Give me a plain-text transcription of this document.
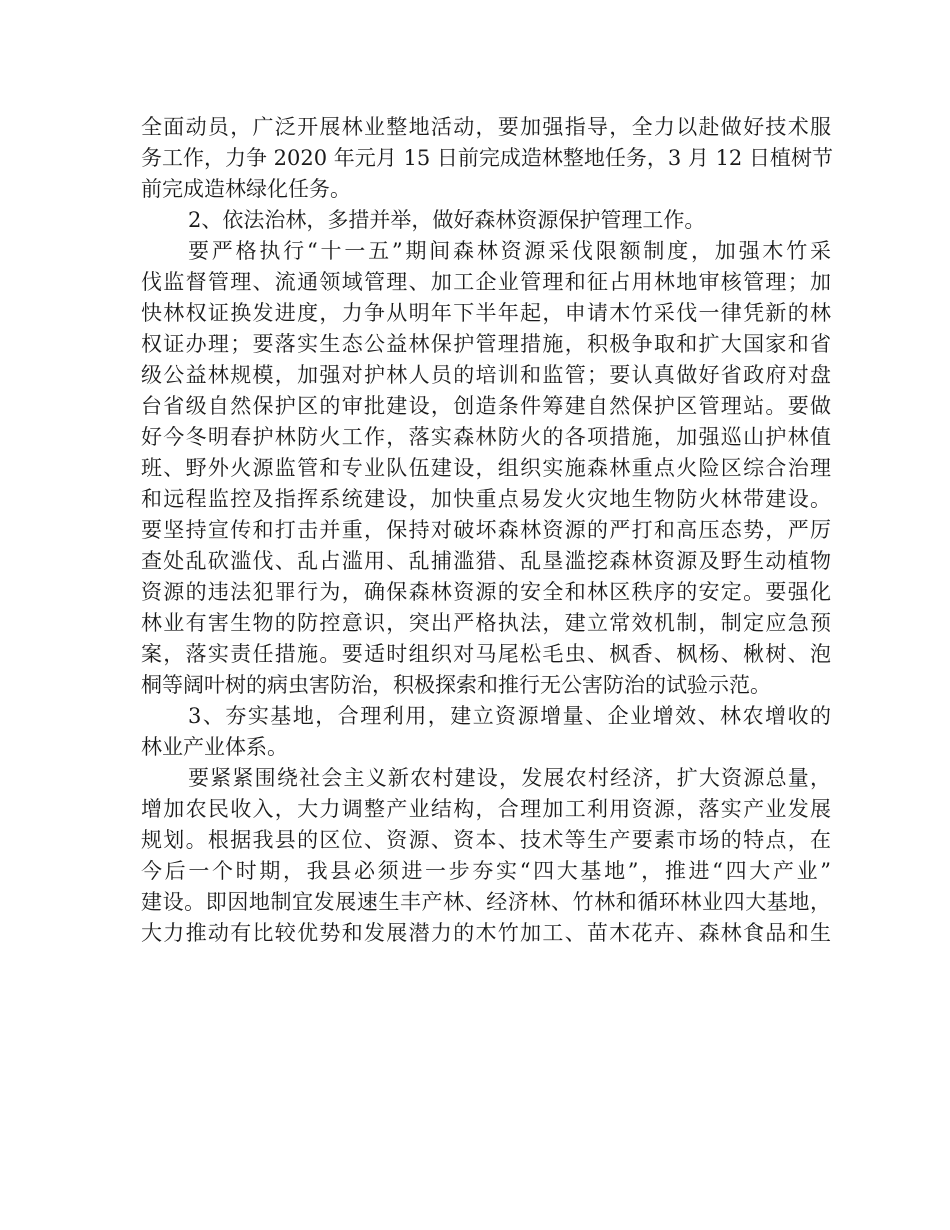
全面动员，广泛开展林业整地活动，要加强指导，全力以赴做好技术服
务工作，力争 2020 年元月 15 日前完成造林整地任务，3 月 12 日植树节
前完成造林绿化任务。
2、依法治林，多措并举，做好森林资源保护管理工作。
要严格执行“十一五”期间森林资源采伐限额制度，加强木竹采
伐监督管理、流通领域管理、加工企业管理和征占用林地审核管理；加
快林权证换发进度，力争从明年下半年起，申请木竹采伐一律凭新的林
权证办理；要落实生态公益林保护管理措施，积极争取和扩大国家和省
级公益林规模，加强对护林人员的培训和监管；要认真做好省政府对盘
台省级自然保护区的审批建设，创造条件筹建自然保护区管理站。要做
好今冬明春护林防火工作，落实森林防火的各项措施，加强巡山护林值
班、野外火源监管和专业队伍建设，组织实施森林重点火险区综合治理
和远程监控及指挥系统建设，加快重点易发火灾地生物防火林带建设。
要坚持宣传和打击并重，保持对破坏森林资源的严打和高压态势，严厉
查处乱砍滥伐、乱占滥用、乱捕滥猎、乱垦滥挖森林资源及野生动植物
资源的违法犯罪行为，确保森林资源的安全和林区秩序的安定。要强化
林业有害生物的防控意识，突出严格执法，建立常效机制，制定应急预
案，落实责任措施。要适时组织对马尾松毛虫、枫香、枫杨、楸树、泡
桐等阔叶树的病虫害防治，积极探索和推行无公害防治的试验示范。
3、夯实基地，合理利用，建立资源增量、企业增效、林农增收的
林业产业体系。
要紧紧围绕社会主义新农村建设，发展农村经济，扩大资源总量，
增加农民收入，大力调整产业结构，合理加工利用资源，落实产业发展
规划。根据我县的区位、资源、资本、技术等生产要素市场的特点，在
今后一个时期，我县必须进一步夯实“四大基地”，推进“四大产业”
建设。即因地制宜发展速生丰产林、经济林、竹林和循环林业四大基地，
大力推动有比较优势和发展潜力的木竹加工、苗木花卉、森林食品和生
